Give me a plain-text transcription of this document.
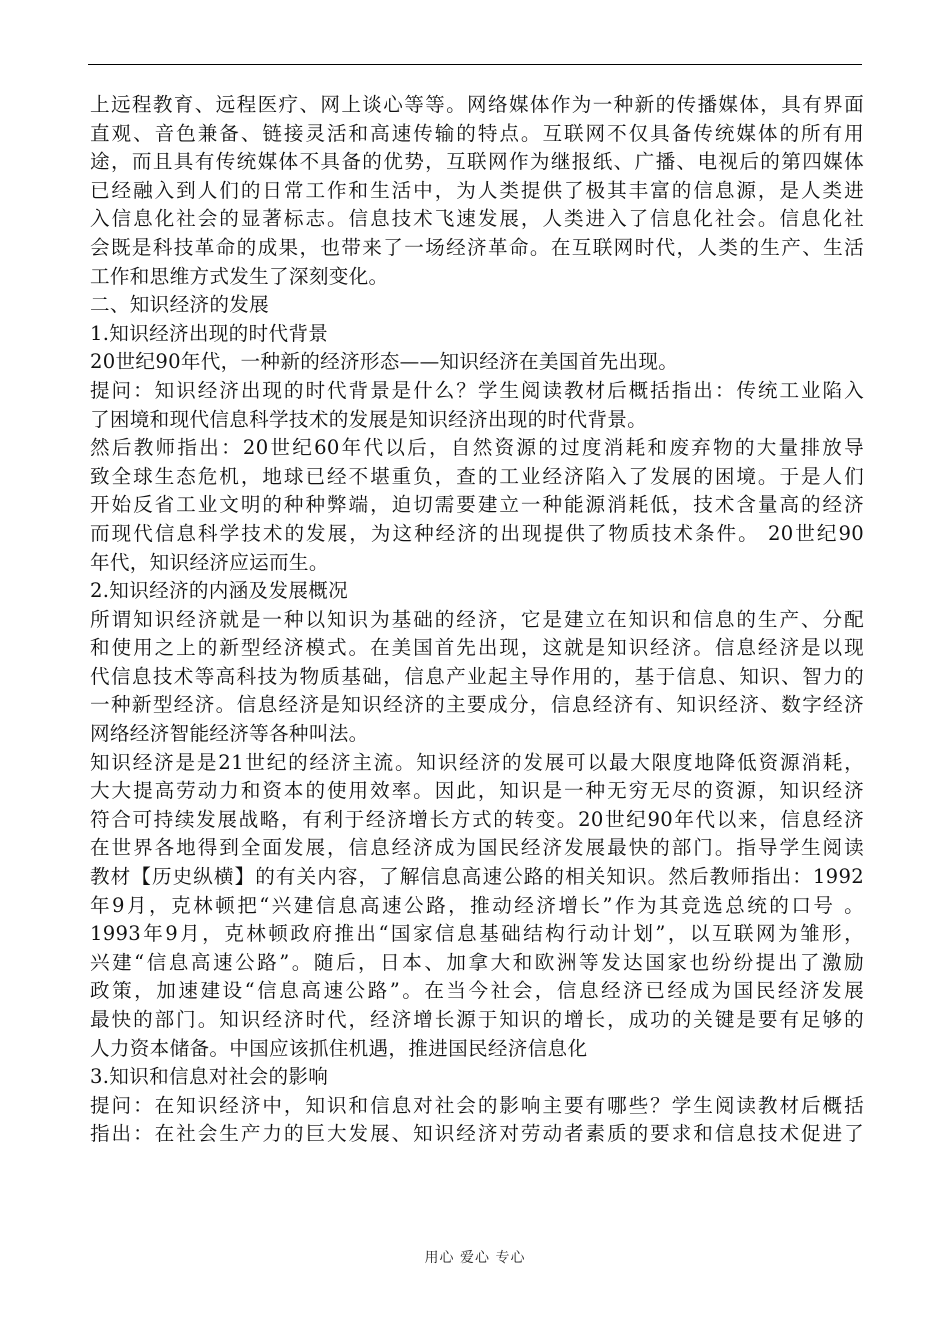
上远程教育、远程医疗、网上谈心等等。网络媒体作为一种新的传播媒体，具有界面
直观、音色兼备、链接灵活和高速传输的特点。互联网不仅具备传统媒体的所有用
途，而且具有传统媒体不具备的优势，互联网作为继报纸、广播、电视后的第四媒体
已经融入到人们的日常工作和生活中，为人类提供了极其丰富的信息源，是人类进
入信息化社会的显著标志。信息技术飞速发展，人类进入了信息化社会。信息化社
会既是科技革命的成果，也带来了一场经济革命。在互联网时代，人类的生产、生活
工作和思维方式发生了深刻变化。
二、知识经济的发展
1.知识经济出现的时代背景
20世纪90年代，一种新的经济形态——知识经济在美国首先出现。
提问：知识经济出现的时代背景是什么？学生阅读教材后概括指出：传统工业陷入
了困境和现代信息科学技术的发展是知识经济出现的时代背景。
然后教师指出：20世纪60年代以后，自然资源的过度消耗和废弃物的大量排放导
致全球生态危机，地球已经不堪重负，查的工业经济陷入了发展的困境。于是人们
开始反省工业文明的种种弊端，迫切需要建立一种能源消耗低，技术含量高的经济
而现代信息科学技术的发展，为这种经济的出现提供了物质技术条件。 20世纪90
年代，知识经济应运而生。
2.知识经济的内涵及发展概况
所谓知识经济就是一种以知识为基础的经济，它是建立在知识和信息的生产、分配
和使用之上的新型经济模式。在美国首先出现，这就是知识经济。信息经济是以现
代信息技术等高科技为物质基础，信息产业起主导作用的，基于信息、知识、智力的
一种新型经济。信息经济是知识经济的主要成分，信息经济有、知识经济、数字经济
网络经济智能经济等各种叫法。
知识经济是是21世纪的经济主流。知识经济的发展可以最大限度地降低资源消耗，
大大提高劳动力和资本的使用效率。因此，知识是一种无穷无尽的资源，知识经济
符合可持续发展战略，有利于经济增长方式的转变。20世纪90年代以来，信息经济
在世界各地得到全面发展，信息经济成为国民经济发展最快的部门。指导学生阅读
教材【历史纵横】的有关内容，了解信息高速公路的相关知识。然后教师指出：1992
年9月，克林顿把“兴建信息高速公路，推动经济增长”作为其竞选总统的口号 。
1993年9月，克林顿政府推出“国家信息基础结构行动计划”，以互联网为雏形，
兴建“信息高速公路”。随后，日本、加拿大和欧洲等发达国家也纷纷提出了激励
政策，加速建设“信息高速公路”。在当今社会，信息经济已经成为国民经济发展
最快的部门。知识经济时代，经济增长源于知识的增长，成功的关键是要有足够的
人力资本储备。中国应该抓住机遇，推进国民经济信息化
3.知识和信息对社会的影响
提问：在知识经济中，知识和信息对社会的影响主要有哪些？学生阅读教材后概括
指出：在社会生产力的巨大发展、知识经济对劳动者素质的要求和信息技术促进了
用心 爱心 专心
